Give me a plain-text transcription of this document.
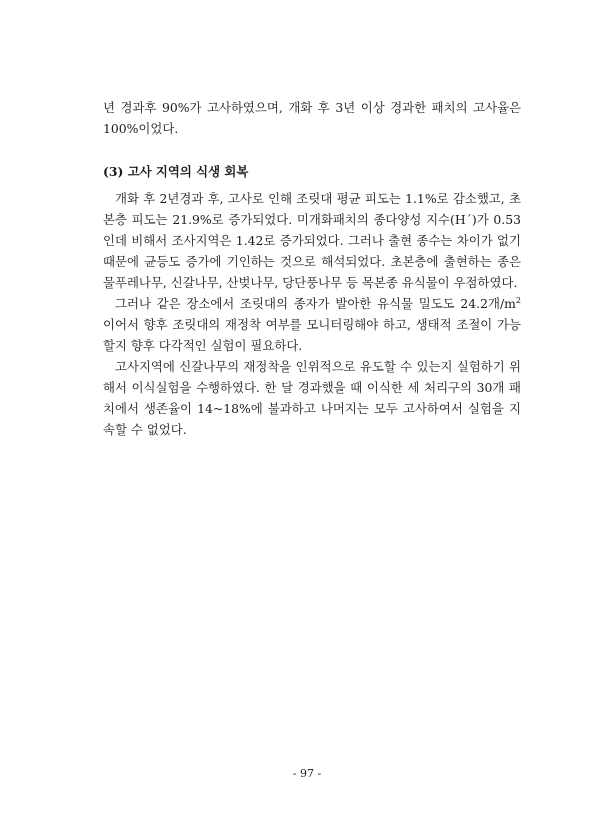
년 경과후 90%가 고사하였으며, 개화 후 3년 이상 경과한 패치의 고사율은 100%이었다.

(3) 고사 지역의 식생 회복

개화 후 2년경과 후, 고사로 인해 조릿대 평균 피도는 1.1%로 감소했고, 초본층 피도는 21.9%로 증가되었다. 미개화패치의 종다양성 지수(H΄)가 0.53인데 비해서 조사지역은 1.42로 증가되었다. 그러나 출현 종수는 차이가 없기 때문에 균등도 증가에 기인하는 것으로 해석되었다. 초본층에 출현하는 종은 물푸레나무, 신갈나무, 산벚나무, 당단풍나무 등 목본종 유식물이 우점하였다.

그러나 같은 장소에서 조릿대의 종자가 발아한 유식물 밀도도 24.2개$/m^2$ 이어서 향후 조릿대의 재정착 여부를 모니터링해야 하고, 생태적 조절이 가능할지 향후 다각적인 실험이 필요하다.

고사지역에 신갈나무의 재정착을 인위적으로 유도할 수 있는지 실험하기 위해서 이식실험을 수행하였다. 한 달 경과했을 때 이식한 세 처리구의 30개 패치에서 생존율이 14~18%에 불과하고 나머지는 모두 고사하여서 실험을 지속할 수 없었다.

- 97 -
